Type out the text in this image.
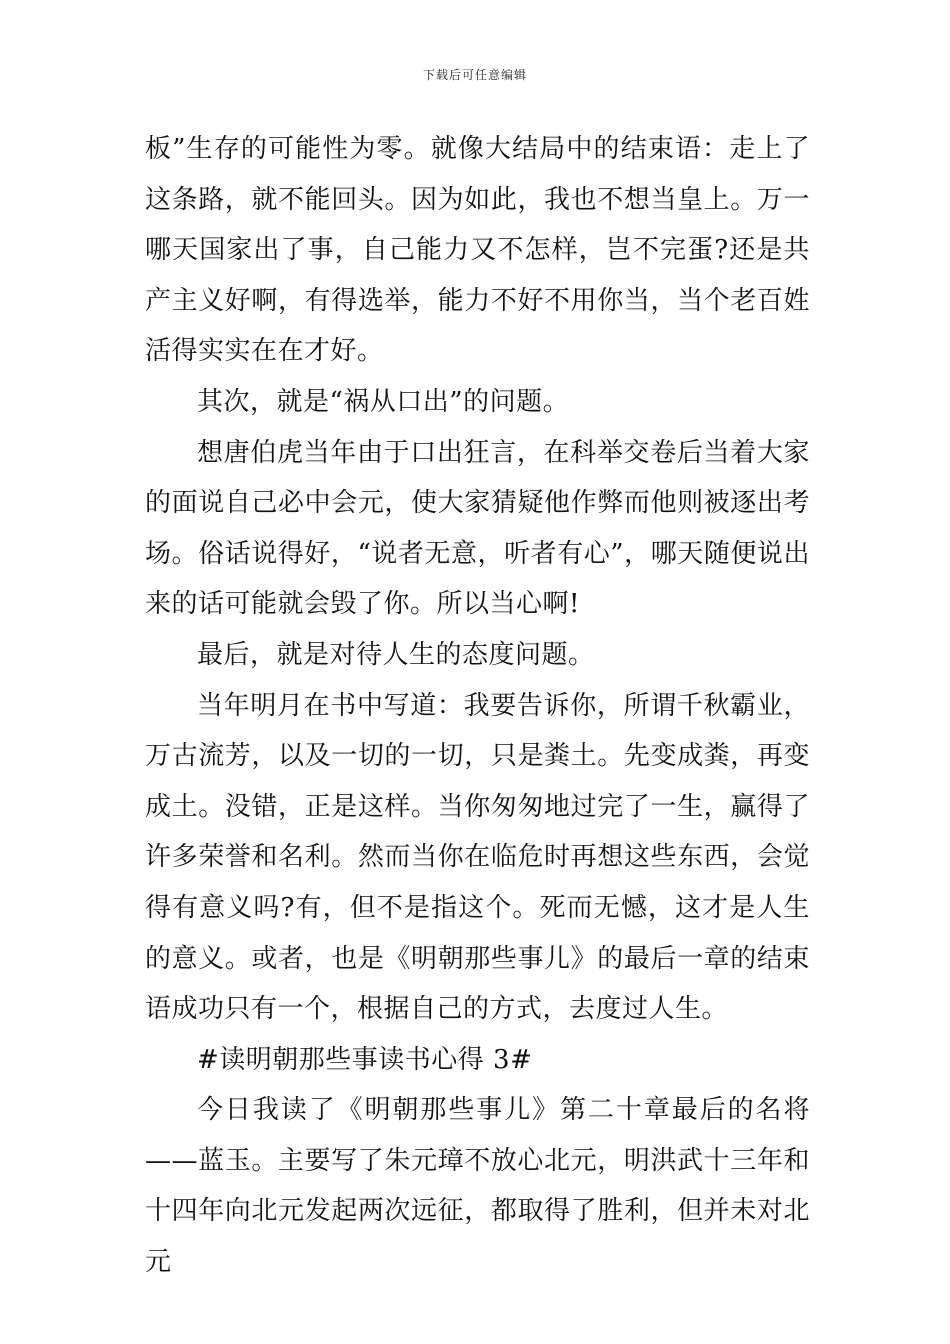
下载后可任意编辑

板”生存的可能性为零。就像大结局中的结束语：走上了这条路，就不能回头。因为如此，我也不想当皇上。万一哪天国家出了事，自己能力又不怎样，岂不完蛋?还是共产主义好啊，有得选举，能力不好不用你当，当个老百姓活得实实在在才好。

其次，就是“祸从口出”的问题。

想唐伯虎当年由于口出狂言，在科举交卷后当着大家的面说自己必中会元，使大家猜疑他作弊而他则被逐出考场。俗话说得好，“说者无意，听者有心”，哪天随便说出来的话可能就会毁了你。所以当心啊!

最后，就是对待人生的态度问题。

当年明月在书中写道：我要告诉你，所谓千秋霸业，万古流芳，以及一切的一切，只是粪土。先变成粪，再变成土。没错，正是这样。当你匆匆地过完了一生，赢得了许多荣誉和名利。然而当你在临危时再想这些东西，会觉得有意义吗?有，但不是指这个。死而无憾，这才是人生的意义。或者，也是《明朝那些事儿》的最后一章的结束语成功只有一个，根据自己的方式，去度过人生。

#读明朝那些事读书心得 3#

今日我读了《明朝那些事儿》第二十章最后的名将——蓝玉。主要写了朱元璋不放心北元，明洪武十三年和十四年向北元发起两次远征，都取得了胜利，但并未对北元
